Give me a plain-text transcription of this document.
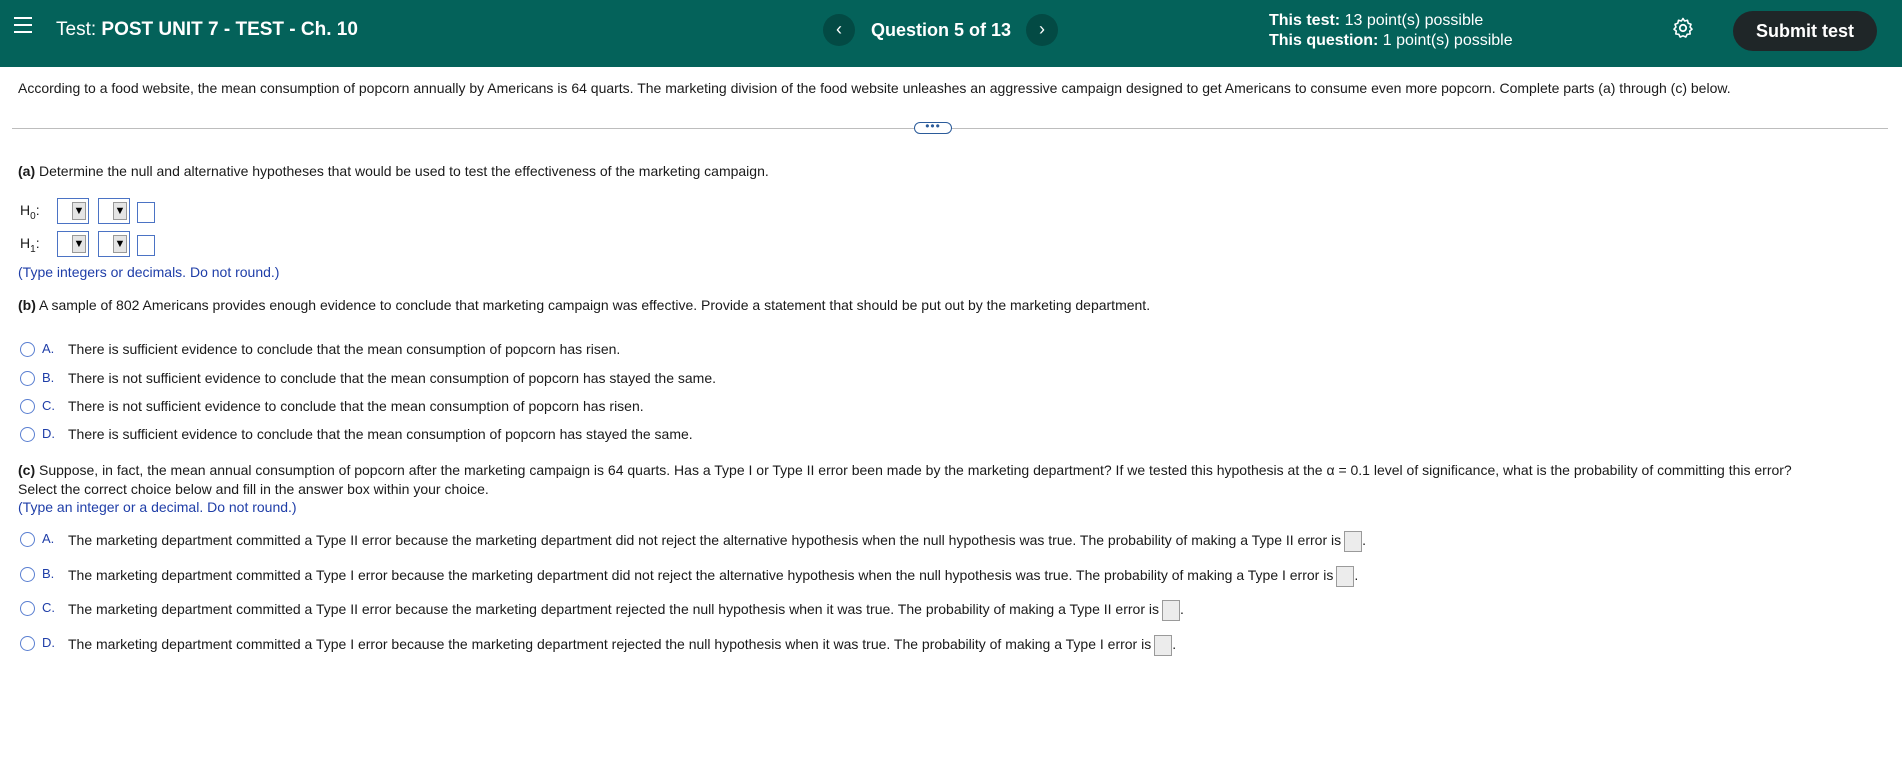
Test: POST UNIT 7 - TEST - Ch. 10	‹	Question 5 of 13	›	This test: 13 point(s) possible
This question: 1 point(s) possible	Submit test
According to a food website, the mean consumption of popcorn annually by Americans is 64 quarts. The marketing division of the food website unleashes an aggressive campaign designed to get Americans to consume even more popcorn. Complete parts (a) through (c) below.
•••
(a) Determine the null and alternative hypotheses that would be used to test the effectiveness of the marketing campaign.
$H_0$:	▼	▼
$H_1$:	▼	▼
(Type integers or decimals. Do not round.)
(b) A sample of 802 Americans provides enough evidence to conclude that marketing campaign was effective. Provide a statement that should be put out by the marketing department.
A. There is sufficient evidence to conclude that the mean consumption of popcorn has risen.
B. There is not sufficient evidence to conclude that the mean consumption of popcorn has stayed the same.
C. There is not sufficient evidence to conclude that the mean consumption of popcorn has risen.
D. There is sufficient evidence to conclude that the mean consumption of popcorn has stayed the same.
(c) Suppose, in fact, the mean annual consumption of popcorn after the marketing campaign is 64 quarts. Has a Type I or Type II error been made by the marketing department? If we tested this hypothesis at the α = 0.1 level of significance, what is the probability of committing this error?
Select the correct choice below and fill in the answer box within your choice.
(Type an integer or a decimal. Do not round.)
A. The marketing department committed a Type II error because the marketing department did not reject the alternative hypothesis when the null hypothesis was true. The probability of making a Type II error is .
B. The marketing department committed a Type I error because the marketing department did not reject the alternative hypothesis when the null hypothesis was true. The probability of making a Type I error is .
C. The marketing department committed a Type II error because the marketing department rejected the null hypothesis when it was true. The probability of making a Type II error is .
D. The marketing department committed a Type I error because the marketing department rejected the null hypothesis when it was true. The probability of making a Type I error is .
